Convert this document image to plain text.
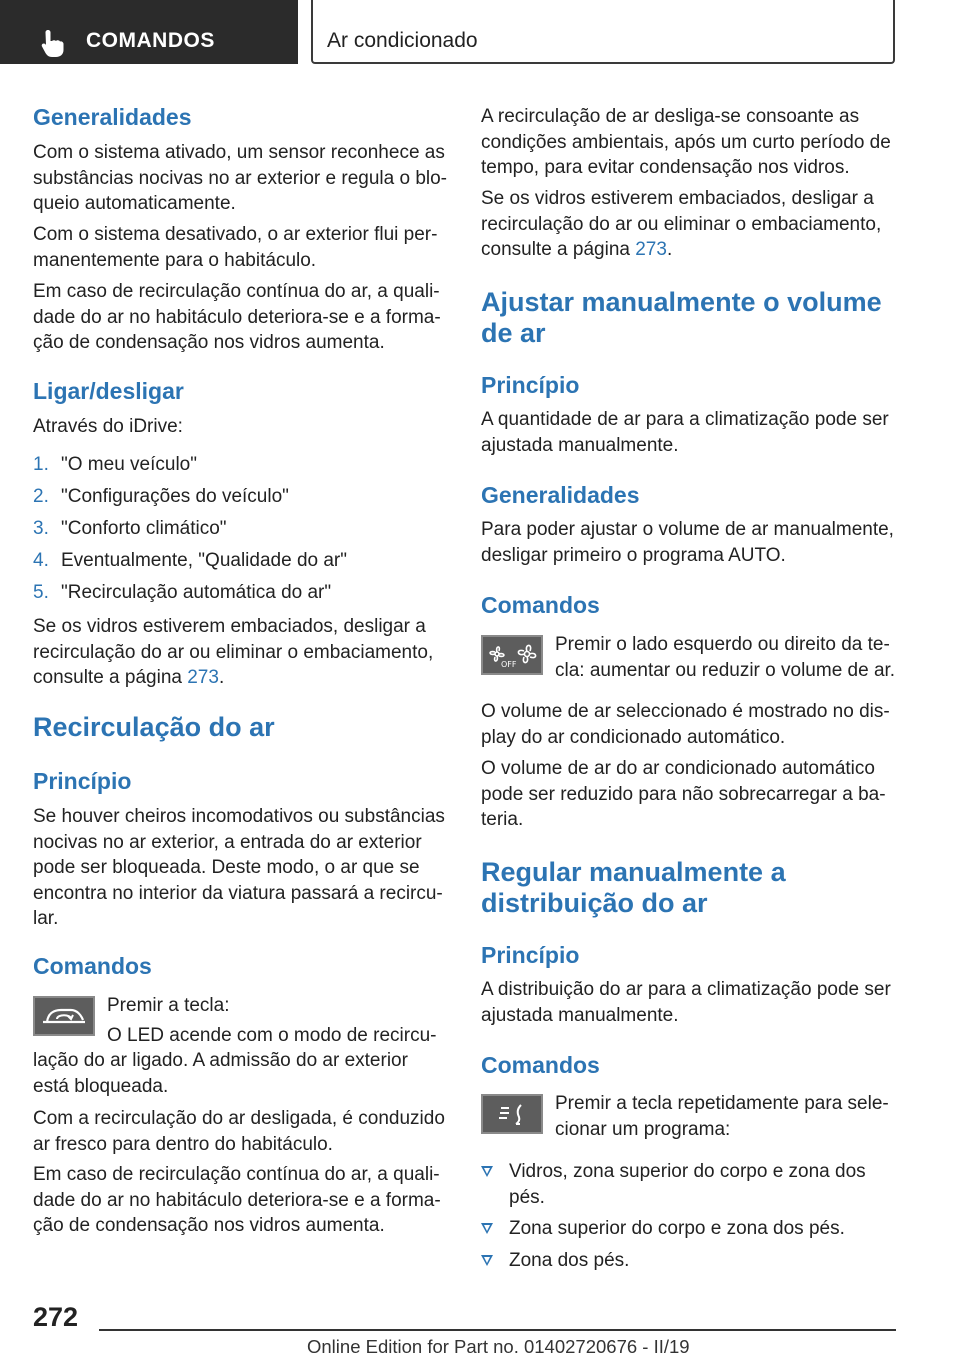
COMANDOS	Ar condicionado
Generalidades

Com o sistema ativado, um sensor reconhece as substâncias nocivas no ar exterior e regula o blo- queio automaticamente.

Com o sistema desativado, o ar exterior flui per- manentemente para o habitáculo.

Em caso de recirculação contínua do ar, a quali- dade do ar no habitáculo deteriora-se e a forma- ção de condensação nos vidros aumenta.

Ligar/desligar

Através do iDrive:

1. "O meu veículo"
2. "Configurações do veículo"
3. "Conforto climático"
4. Eventualmente, "Qualidade do ar"
5. "Recirculação automática do ar"

Se os vidros estiverem embaciados, desligar a recirculação do ar ou eliminar o embaciamento, consulte a página 273.

Recirculação do ar
Princípio

Se houver cheiros incomodativos ou substâncias nocivas no ar exterior, a entrada do ar exterior pode ser bloqueada. Deste modo, o ar que se encontra no interior da viatura passará a recircu- lar.

Comandos

Premir a tecla:

O LED acende com o modo de recircu-

lação do ar ligado. A admissão do ar exterior está bloqueada.

Com a recirculação do ar desligada, é conduzido ar fresco para dentro do habitáculo.

Em caso de recirculação contínua do ar, a quali- dade do ar no habitáculo deteriora-se e a forma- ção de condensação nos vidros aumenta.

A recirculação de ar desliga-se consoante as condições ambientais, após um curto período de tempo, para evitar condensação nos vidros.

Se os vidros estiverem embaciados, desligar a recirculação do ar ou eliminar o embaciamento, consulte a página 273.

Ajustar manualmente o volume de ar
Princípio

A quantidade de ar para a climatização pode ser ajustada manualmente.

Generalidades

Para poder ajustar o volume de ar manualmente, desligar primeiro o programa AUTO.

Comandos
OFF

Premir o lado esquerdo ou direito da te- cla: aumentar ou reduzir o volume de ar.

O volume de ar seleccionado é mostrado no dis- play do ar condicionado automático.

O volume de ar do ar condicionado automático pode ser reduzido para não sobrecarregar a ba- teria.

Regular manualmente a distribuição do ar
Princípio

A distribuição do ar para a climatização pode ser ajustada manualmente.

Comandos

Premir a tecla repetidamente para sele- cionar um programa:

Vidros, zona superior do corpo e zona dos pés.
Zona superior do corpo e zona dos pés.
Zona dos pés.
272
Online Edition for Part no. 01402720676 - II/19
